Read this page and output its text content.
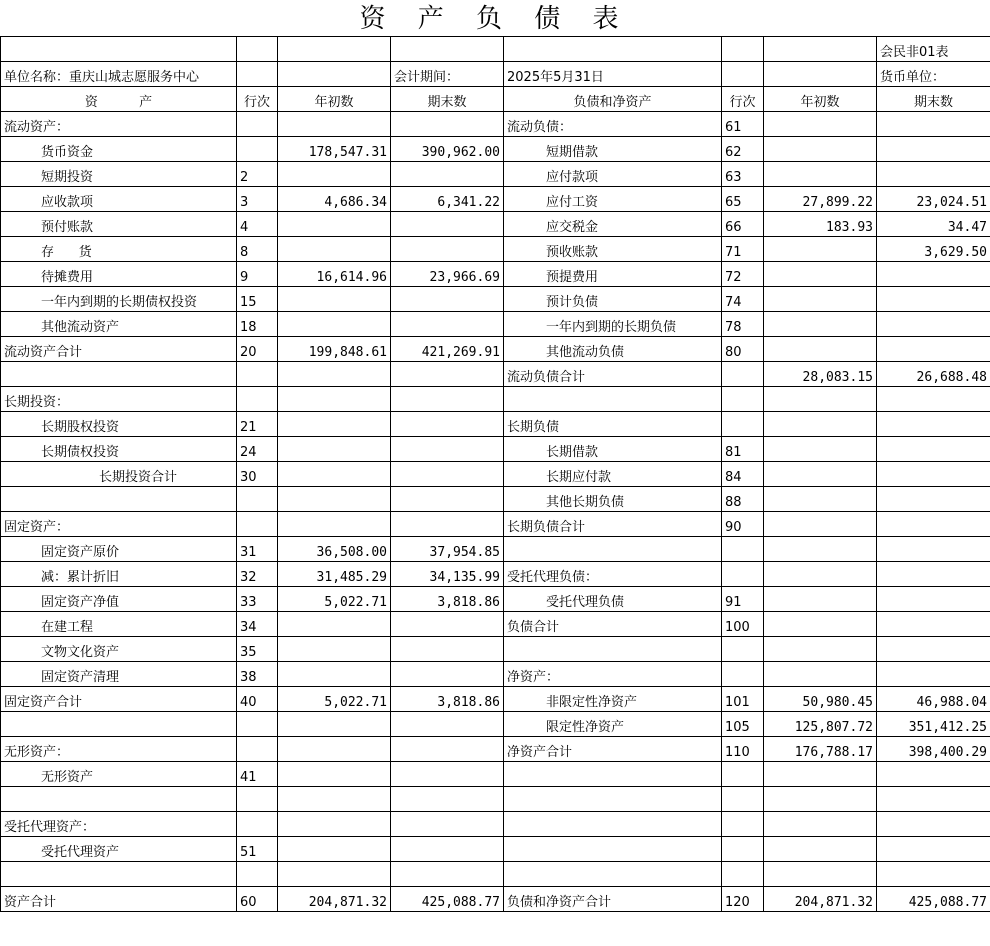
资 产 负 债 表
							会民非01表
单位名称：重庆山城志愿服务中心			会计期间：	2025年5月31日			货币单位：
资          产	行次	年初数	期末数	负债和净资产	行次	年初数	期末数
流动资产：				流动负债：	61		
货币资金		178,547.31	390,962.00	短期借款	62		
短期投资	2			应付款项	63		
应收款项	3	4,686.34	6,341.22	应付工资	65	27,899.22	23,024.51
预付账款	4			应交税金	66	183.93	34.47
存      货	8			预收账款	71		3,629.50
待摊费用	9	16,614.96	23,966.69	预提费用	72		
一年内到期的长期债权投资	15			预计负债	74		
其他流动资产	18			一年内到期的长期负债	78		
流动资产合计	20	199,848.61	421,269.91	其他流动负债	80		
				流动负债合计		28,083.15	26,688.48
长期投资：							
长期股权投资	21			长期负债			
长期债权投资	24			长期借款	81		
长期投资合计	30			长期应付款	84		
				其他长期负债	88		
固定资产：				长期负债合计	90		
固定资产原价	31	36,508.00	37,954.85				
减：累计折旧	32	31,485.29	34,135.99	受托代理负债：			
固定资产净值	33	5,022.71	3,818.86	受托代理负债	91		
在建工程	34			负债合计	100		
文物文化资产	35						
固定资产清理	38			净资产：			
固定资产合计	40	5,022.71	3,818.86	非限定性净资产	101	50,980.45	46,988.04
				限定性净资产	105	125,807.72	351,412.25
无形资产：				净资产合计	110	176,788.17	398,400.29
无形资产	41						

受托代理资产：							
受托代理资产	51						

资产合计	60	204,871.32	425,088.77	负债和净资产合计	120	204,871.32	425,088.77
